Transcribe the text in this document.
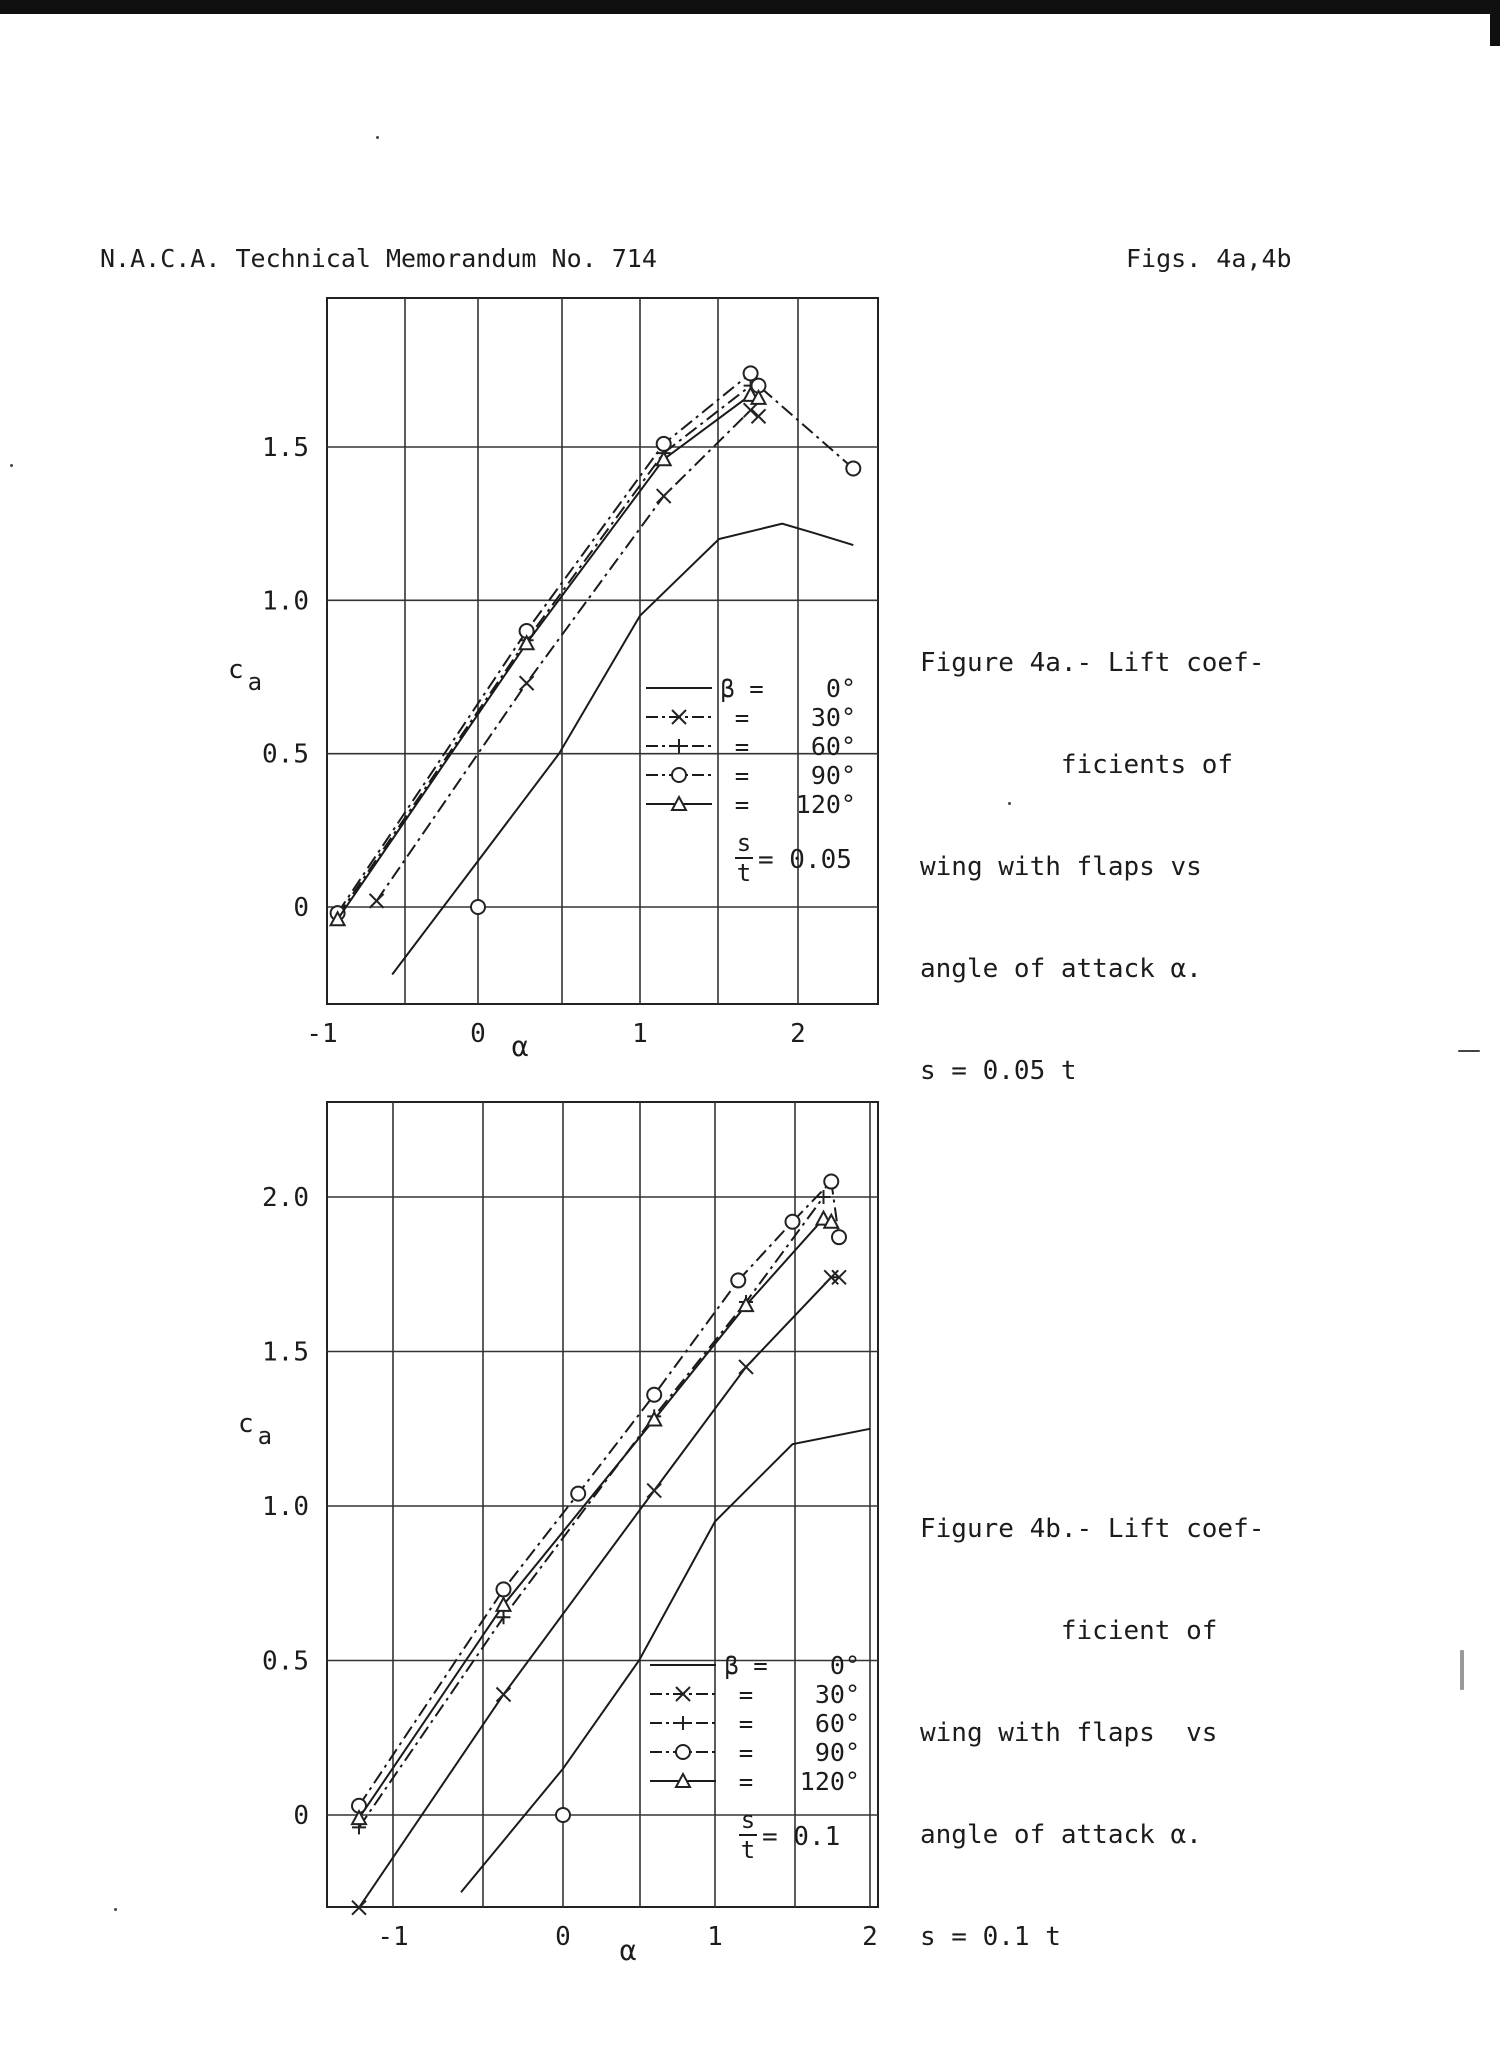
N.A.C.A. Technical Memorandum No. 714	Figs. 4a,4b
0
0.5
1.0
1.5
-1	0	1	2
c a
α
β = 0°
= 30°
= 60°
= 90°
= 120°
s
t = 0.05
0
0.5
1.0
1.5
2.0
-1	0	1	2
c a
α
β = 0°
= 30°
= 60°
= 90°
= 120°
s
t = 0.1

Figure 4a.- Lift coef-

ficients of

wing with flaps vs

angle of attack α.

s = 0.05 t

Figure 4b.- Lift coef-

ficient of

wing with flaps  vs

angle of attack α.

s = 0.1 t
